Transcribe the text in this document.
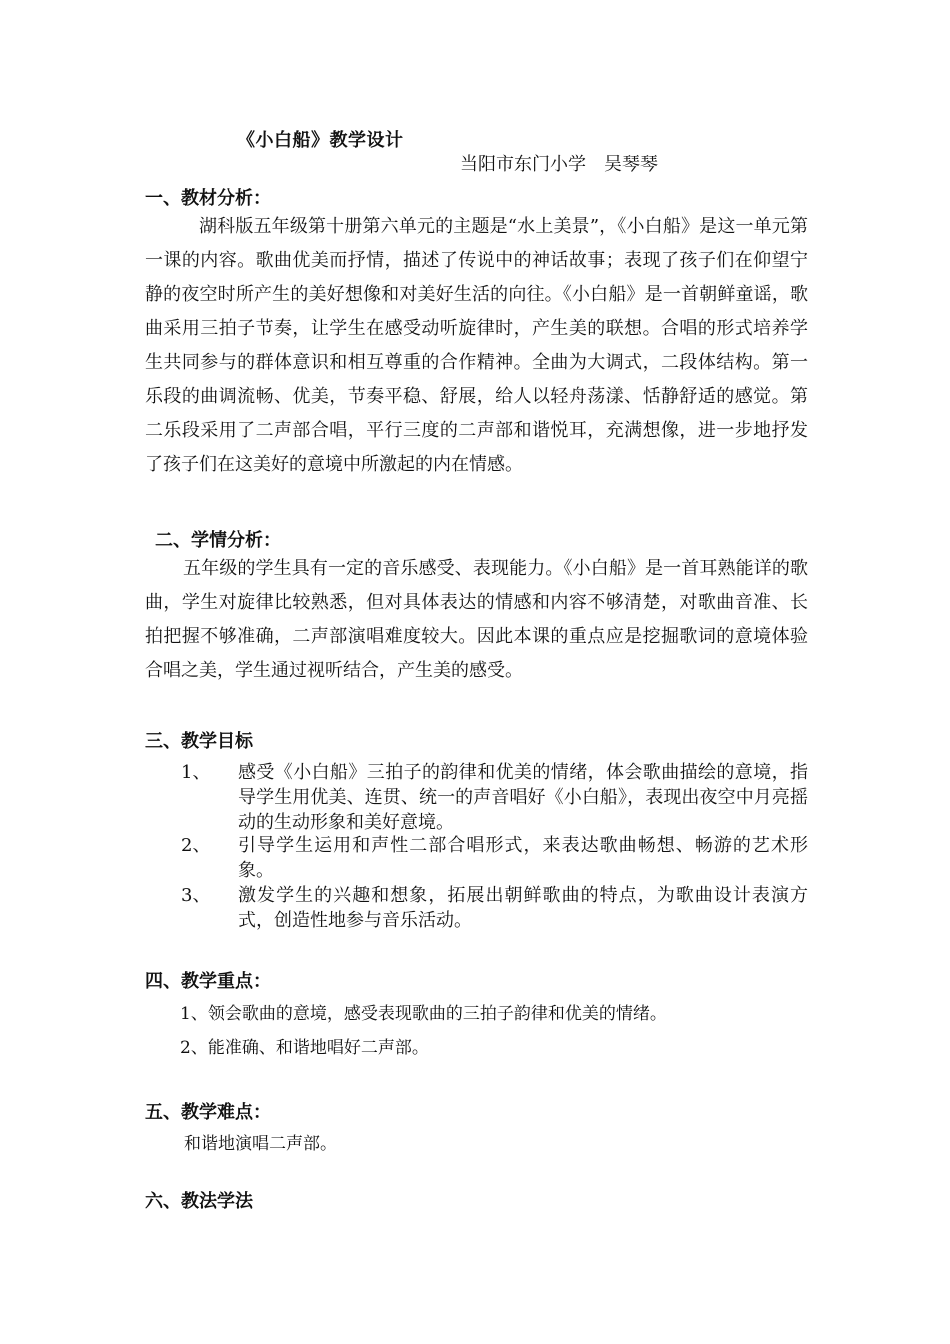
《小白船》教学设计
当阳市东门小学　吴琴琴
一、教材分析：

湖科版五年级第十册第六单元的主题是“水上美景”，《小白船》是这一单元第一课的内容。歌曲优美而抒情，描述了传说中的神话故事；表现了孩子们在仰望宁静的夜空时所产生的美好想像和对美好生活的向往。《小白船》是一首朝鲜童谣，歌曲采用三拍子节奏，让学生在感受动听旋律时，产生美的联想。合唱的形式培养学生共同参与的群体意识和相互尊重的合作精神。全曲为大调式，二段体结构。第一乐段的曲调流畅、优美，节奏平稳、舒展，给人以轻舟荡漾、恬静舒适的感觉。第二乐段采用了二声部合唱，平行三度的二声部和谐悦耳，充满想像，进一步地抒发了孩子们在这美好的意境中所激起的内在情感。

二、学情分析：

五年级的学生具有一定的音乐感受、表现能力。《小白船》是一首耳熟能详的歌曲，学生对旋律比较熟悉，但对具体表达的情感和内容不够清楚，对歌曲音准、长拍把握不够准确，二声部演唱难度较大。因此本课的重点应是挖掘歌词的意境体验合唱之美，学生通过视听结合，产生美的感受。

三、教学目标
1、 感受《小白船》三拍子的韵律和优美的情绪，体会歌曲描绘的意境，指导学生用优美、连贯、统一的声音唱好《小白船》，表现出夜空中月亮摇动的生动形象和美好意境。
2、 引导学生运用和声性二部合唱形式，来表达歌曲畅想、畅游的艺术形象。
3、 激发学生的兴趣和想象，拓展出朝鲜歌曲的特点，为歌曲设计表演方式，创造性地参与音乐活动。
四、教学重点：
1、领会歌曲的意境，感受表现歌曲的三拍子韵律和优美的情绪。
2、能准确、和谐地唱好二声部。
五、教学难点：
和谐地演唱二声部。
六、教法学法
